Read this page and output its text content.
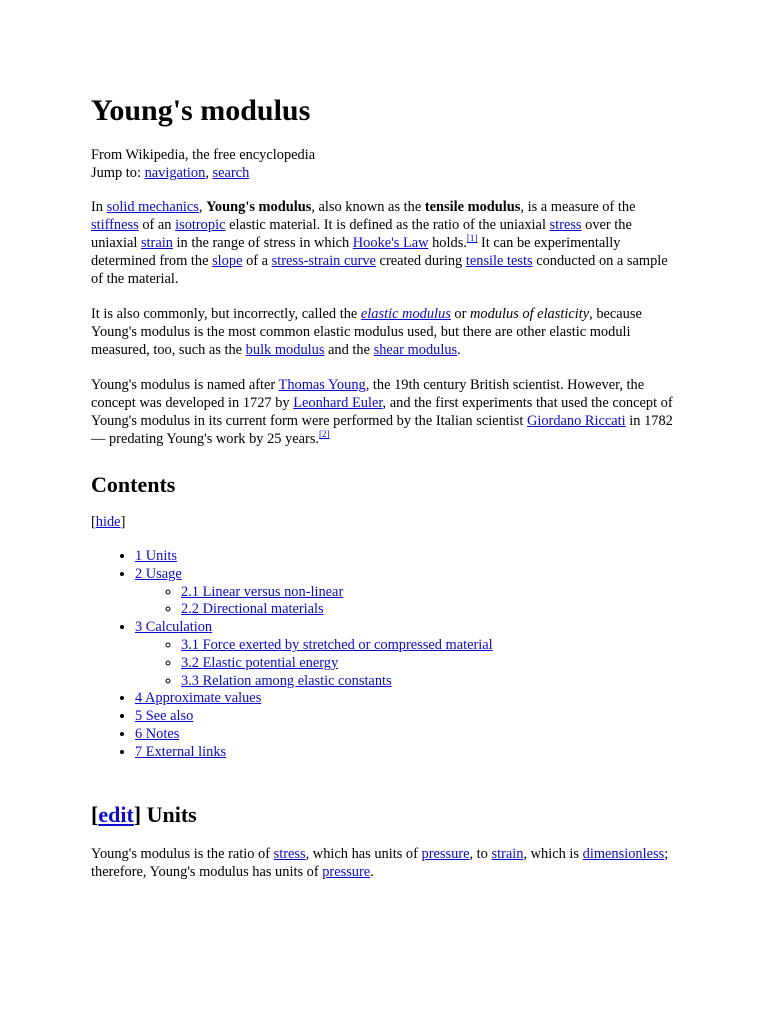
Young's modulus
From Wikipedia, the free encyclopedia
Jump to: navigation, search

In solid mechanics, Young's modulus, also known as the tensile modulus, is a measure of the stiffness of an isotropic elastic material. It is defined as the ratio of the uniaxial stress over the uniaxial strain in the range of stress in which Hooke's Law holds.[1] It can be experimentally determined from the slope of a stress-strain curve created during tensile tests conducted on a sample of the material.

It is also commonly, but incorrectly, called the elastic modulus or modulus of elasticity, because Young's modulus is the most common elastic modulus used, but there are other elastic moduli measured, too, such as the bulk modulus and the shear modulus.

Young's modulus is named after Thomas Young, the 19th century British scientist. However, the concept was developed in 1727 by Leonhard Euler, and the first experiments that used the concept of Young's modulus in its current form were performed by the Italian scientist Giordano Riccati in 1782 — predating Young's work by 25 years.[2]

Contents
[hide]
• 1 Units
• 2 Usage
◦ 2.1 Linear versus non-linear
◦ 2.2 Directional materials
• 3 Calculation
◦ 3.1 Force exerted by stretched or compressed material
◦ 3.2 Elastic potential energy
◦ 3.3 Relation among elastic constants
• 4 Approximate values
• 5 See also
• 6 Notes
• 7 External links
[edit] Units

Young's modulus is the ratio of stress, which has units of pressure, to strain, which is dimensionless; therefore, Young's modulus has units of pressure.
